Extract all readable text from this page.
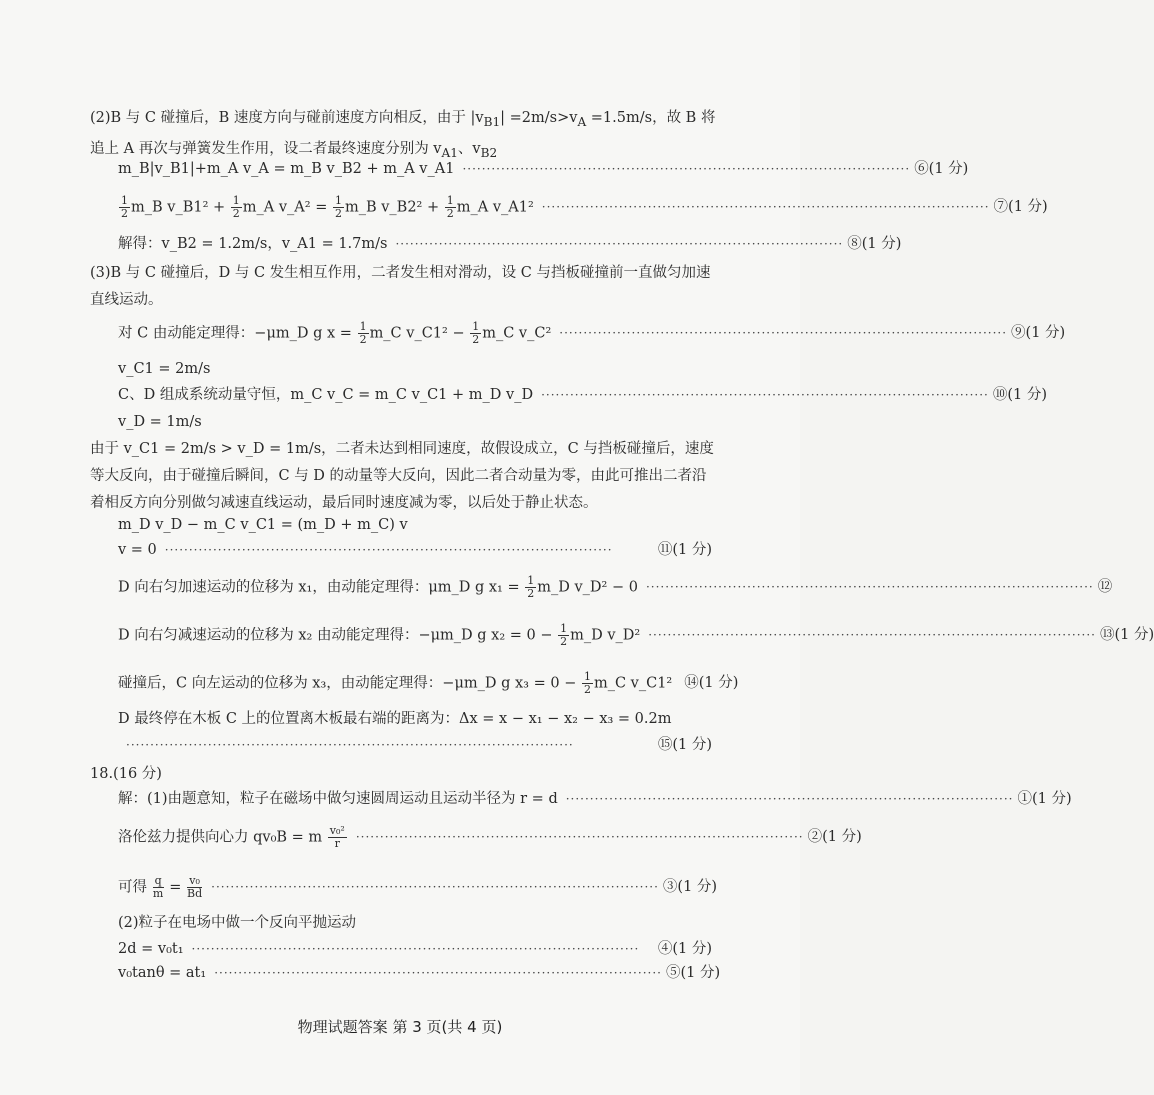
(2)B 与 C 碰撞后，B 速度方向与碰前速度方向相反，由于 $|v_{B1}| =2m/s>v_A =1.5m/s$，故 B 将追上 A 再次与弹簧发生作用，设二者最终速度分别为 $v_{A1}$、$v_{B2}$
m_B|v_B1|+m_A v_A = m_B v_B2 + m_A v_A1 ····························································································· ⑥(1 分)
$\frac{1}{2}$ m_B v_B1² + $\frac{1}{2}$ m_A v_A² = $\frac{1}{2}$ m_B v_B2² + $\frac{1}{2}$ m_A v_A1² ····························································································· ⑦(1 分)
解得：v_B2 = 1.2m/s，v_A1 = 1.7m/s ····························································································· ⑧(1 分)
(3)B 与 C 碰撞后，D 与 C 发生相互作用，二者发生相对滑动，设 C 与挡板碰撞前一直做匀加速直线运动。
对 C 由动能定理得：−μm_D g $x = \frac{1}{2}$ m_C v_C1² − $\frac{1}{2}$ m_C v_C² ····························································································· ⑨(1 分)
v_C1 = 2m/s
C、D 组成系统动量守恒，m_C v_C = m_C v_C1 + m_D v_D ····························································································· ⑩(1 分)
v_D = 1m/s
由于 v_C1 = 2m/s > v_D = 1m/s，二者未达到相同速度，故假设成立，C 与挡板碰撞后，速度等大反向，由于碰撞后瞬间，C 与 D 的动量等大反向，因此二者合动量为零，由此可推出二者沿着相反方向分别做匀减速直线运动，最后同时速度减为零，以后处于静止状态。
m_D v_D − m_C v_C1 = (m_D + m_C) v
v = 0 ·····························································································	⑪(1 分)
D 向右匀加速运动的位移为 x₁，由动能定理得：μm_D g $x_1 = \frac{1}{2}$ m_D v_D² − 0 ····························································································· ⑫
D 向右匀减速运动的位移为 x₂ 由动能定理得：−μm_D g $x_2 = 0 - \frac{1}{2}$ m_D v_D² ····························································································· ⑬(1 分)
碰撞后，C 向左运动的位移为 x₃，由动能定理得：−μm_D g $x_3 = 0 - \frac{1}{2}$ m_C v_C1² ⑭(1 分)
D 最终停在木板 C 上的位置离木板最右端的距离为：Δx = x − x₁ − x₂ − x₃ = 0.2m
·····························································································	⑮(1 分)
18.(16 分)
解：(1)由题意知，粒子在磁场中做匀速圆周运动且运动半径为 r = d ····························································································· ①(1 分)
洛伦兹力提供向心力 qv₀B = m $\frac{\text{v₀²}}{r}$ ····························································································· ②(1 分)
可得 $\frac{q}{m} = \frac{\text{v₀}}{Bd}$ ····························································································· ③(1 分)
(2)粒子在电场中做一个反向平抛运动
2d = v₀t₁ ·····························································································	④(1 分)
v₀tanθ = at₁ ····························································································· ⑤(1 分)
物理试题答案 第 3 页(共 4 页)
